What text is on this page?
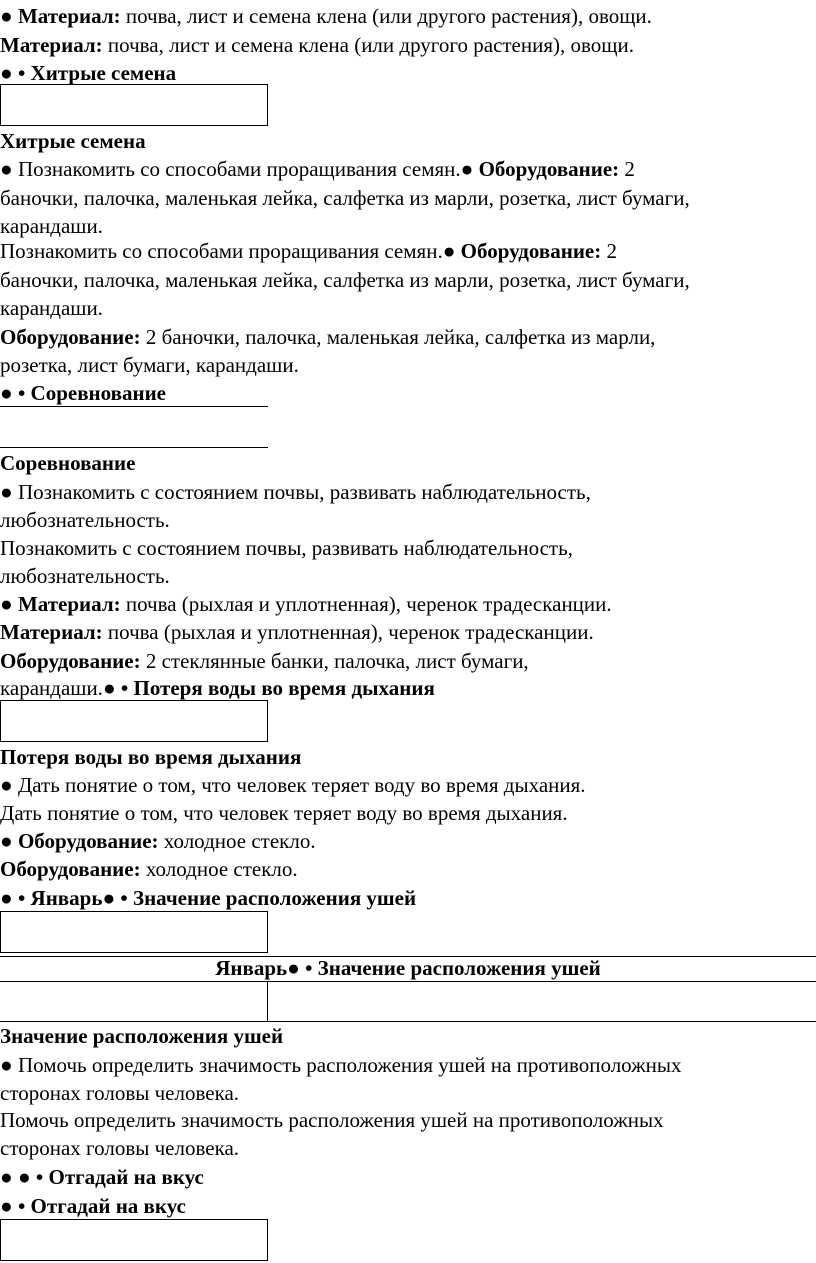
● Материал: почва, лист и семена клена (или другого растения), овощи.
Материал: почва, лист и семена клена (или другого растения), овощи.
● • Хитрые семена
Хитрые семена
● Познакомить со способами проращивания семян.● Оборудование: 2
баночки, палочка, маленькая лейка, салфетка из марли, розетка, лист бумаги,
карандаши.
Познакомить со способами проращивания семян.● Оборудование: 2
баночки, палочка, маленькая лейка, салфетка из марли, розетка, лист бумаги,
карандаши.
Оборудование: 2 баночки, палочка, маленькая лейка, салфетка из марли,
розетка, лист бумаги, карандаши.
● • Соревнование
Соревнование
● Познакомить с состоянием почвы, развивать наблюдательность,
любознательность.
Познакомить с состоянием почвы, развивать наблюдательность,
любознательность.
● Материал: почва (рыхлая и уплотненная), черенок традесканции.
Материал: почва (рыхлая и уплотненная), черенок традесканции.
Оборудование: 2 стеклянные банки, палочка, лист бумаги,
карандаши.● • Потеря воды во время дыхания
Потеря воды во время дыхания
● Дать понятие о том, что человек теряет воду во время дыхания.
Дать понятие о том, что человек теряет воду во время дыхания.
● Оборудование: холодное стекло.
Оборудование: холодное стекло.
● • Январь● • Значение расположения ушей
Январь● • Значение расположения ушей
Значение расположения ушей
● Помочь определить значимость расположения ушей на противоположных
сторонах головы человека.
Помочь определить значимость расположения ушей на противоположных
сторонах головы человека.
● ● • Отгадай на вкус
● • Отгадай на вкус
